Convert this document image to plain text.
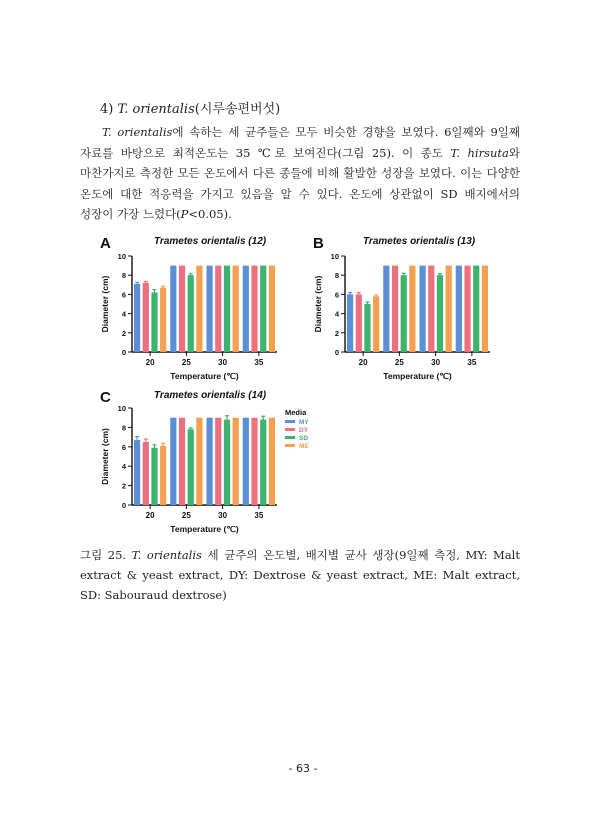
4) T. orientalis(시루송편버섯)
T. orientalis에 속하는 세 균주들은 모두 비슷한 경향을 보였다. 6일째와 9일째 자료를 바탕으로 최적온도는 35 ℃로 보여진다(그림 25). 이 종도 T. hirsuta와 마찬가지로 측정한 모든 온도에서 다른 종들에 비해 활발한 성장을 보였다. 이는 다양한 온도에 대한 적응력을 가지고 있음을 알 수 있다. 온도에 상관없이 SD 배지에서의 성장이 가장 느렸다(P<0.05).
A	Trametes orientalis (12)
0
2
4
6
8
10
20	25	30	35
Temperature (℃)
Diameter (cm)
B	Trametes orientalis (13)
0
2
4
6
8
10
20	25	30	35
Temperature (℃)
Diameter (cm)
C	Trametes orientalis (14)
0
2
4
6
8
10
20	25	30	35
Temperature (℃)
Diameter (cm)
Media
MY
DY
SD
ME
그림 25. T. orientalis 세 균주의 온도별, 배지별 균사 생장(9일째 측정, MY: Malt extract & yeast extract, DY: Dextrose & yeast extract, ME: Malt extract, SD: Sabouraud dextrose)
- 63 -
